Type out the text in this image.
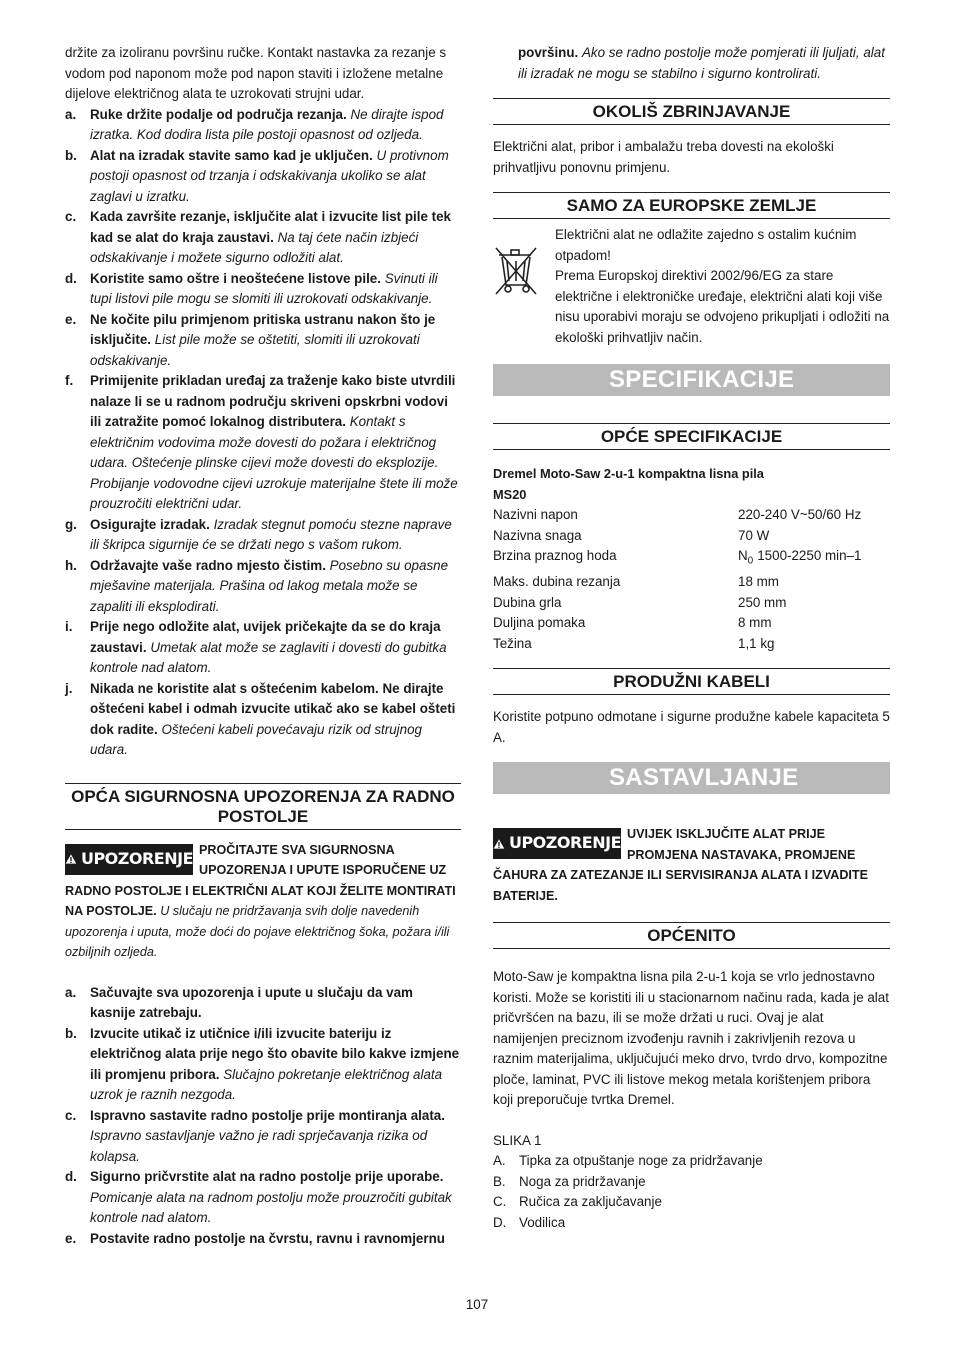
držite za izoliranu površinu ručke. Kontakt nastavka za rezanje s vodom pod naponom može pod napon staviti i izložene metalne dijelove električnog alata te uzrokovati strujni udar.

a.	Ruke držite podalje od područja rezanja. Ne dirajte ispod izratka. Kod dodira lista pile postoji opasnost od ozljeda.
b. Alat na izradak stavite samo kad je uključen. U protivnom postoji opasnost od trzanja i odskakivanja ukoliko se alat zaglavi u izratku.
c.	Kada završite rezanje, isključite alat i izvucite list pile tek kad se alat do kraja zaustavi. Na taj ćete način izbjeći odskakivanje i možete sigurno odložiti alat.
d. Koristite samo oštre i neoštećene listove pile. Svinuti ili tupi listovi pile mogu se slomiti ili uzrokovati odskakivanje.
e.	Ne kočite pilu primjenom pritiska ustranu nakon što je isključite. List pile može se oštetiti, slomiti ili uzrokovati odskakivanje.
f.	Primijenite prikladan uređaj za traženje kako biste utvrdili nalaze li se u radnom području skriveni opskrbni vodovi ili zatražite pomoć lokalnog distributera. Kontakt s električnim vodovima može dovesti do požara i električnog udara. Oštećenje plinske cijevi može dovesti do eksplozije. Probijanje vodovodne cijevi uzrokuje materijalne štete ili može prouzročiti električni udar.
g. Osigurajte izradak. Izradak stegnut pomoću stezne naprave ili škripca sigurnije će se držati nego s vašom rukom.
h. Održavajte vaše radno mjesto čistim. Posebno su opasne mješavine materijala. Prašina od lakog metala može se zapaliti ili eksplodirati.
i.	Prije nego odložite alat, uvijek pričekajte da se do kraja zaustavi. Umetak alat može se zaglaviti i dovesti do gubitka kontrole nad alatom.
j.	Nikada ne koristite alat s oštećenim kabelom. Ne dirajte oštećeni kabel i odmah izvucite utikač ako se kabel ošteti dok radite. Oštećeni kabeli povećavaju rizik od strujnog udara.
OPĆA SIGURNOSNA UPOZORENJA ZA RADNO POSTOLJE
UPOZORENJE PROČITAJTE SVA SIGURNOSNA UPOZORENJA I UPUTE ISPORUČENE UZ RADNO POSTOLJE I ELEKTRIČNI ALAT KOJI ŽELITE MONTIRATI NA POSTOLJE. U slučaju ne pridržavanja svih dolje navedenih upozorenja i uputa, može doći do pojave električnog šoka, požara i/ili ozbiljnih ozljeda.

a.	Sačuvajte sva upozorenja i upute u slučaju da vam kasnije zatrebaju.
b. Izvucite utikač iz utičnice i/ili izvucite bateriju iz električnog alata prije nego što obavite bilo kakve izmjene ili promjenu pribora. Slučajno pokretanje električnog alata uzrok je raznih nezgoda.
c.	Ispravno sastavite radno postolje prije montiranja alata. Ispravno sastavljanje važno je radi sprječavanja rizika od kolapsa.
d. Sigurno pričvrstite alat na radno postolje prije uporabe. Pomicanje alata na radnom postolju može prouzročiti gubitak kontrole nad alatom.
e.	Postavite radno postolje na čvrstu, ravnu i ravnomjernu
površinu. Ako se radno postolje može pomjerati ili ljuljati, alat ili izradak ne mogu se stabilno i sigurno kontrolirati.
OKOLIŠ ZBRINJAVANJE

Električni alat, pribor i ambalažu treba dovesti na ekološki prihvatljivu ponovnu primjenu.

SAMO ZA EUROPSKE ZEMLJE

Električni alat ne odlažite zajedno s ostalim kućnim otpadom!

Prema Europskoj direktivi 2002/96/EG za stare električne i elektroničke uređaje, električni alati koji više nisu uporabivi moraju se odvojeno prikupljati i odložiti na ekološki prihvatljiv način.

SPECIFIKACIJE
OPĆE SPECIFIKACIJE

Dremel Moto-Saw 2-u-1 kompaktna lisna pila

MS20

Nazivni napon	220-240 V~50/60 Hz
Nazivna snaga	70 W
Brzina praznog hoda	$N_0$ 1500-2250 min–1
Maks. dubina rezanja	18 mm
Dubina grla	250 mm
Duljina pomaka	8 mm
Težina	1,1 kg
PRODUŽNI KABELI

Koristite potpuno odmotane i sigurne produžne kabele kapaciteta 5 A.

SASTAVLJANJE
UPOZORENJE UVIJEK ISKLJUČITE ALAT PRIJE PROMJENA NASTAVAKA, PROMJENE ČAHURA ZA ZATEZANJE ILI SERVISIRANJA ALATA I IZVADITE BATERIJE.

OPĆENITO

Moto-Saw je kompaktna lisna pila 2-u-1 koja se vrlo jednostavno koristi. Može se koristiti ili u stacionarnom načinu rada, kada je alat pričvršćen na bazu, ili se može držati u ruci. Ovaj je alat namijenjen preciznom izvođenju ravnih i zakrivljenih rezova u raznim materijalima, uključujući meko drvo, tvrdo drvo, kompozitne ploče, laminat, PVC ili listove mekog metala korištenjem pribora koji preporučuje tvrtka Dremel.

SLIKA 1

A. Tipka za otpuštanje noge za pridržavanje
B. Noga za pridržavanje
C. Ručica za zaključavanje
D. Vodilica
107
